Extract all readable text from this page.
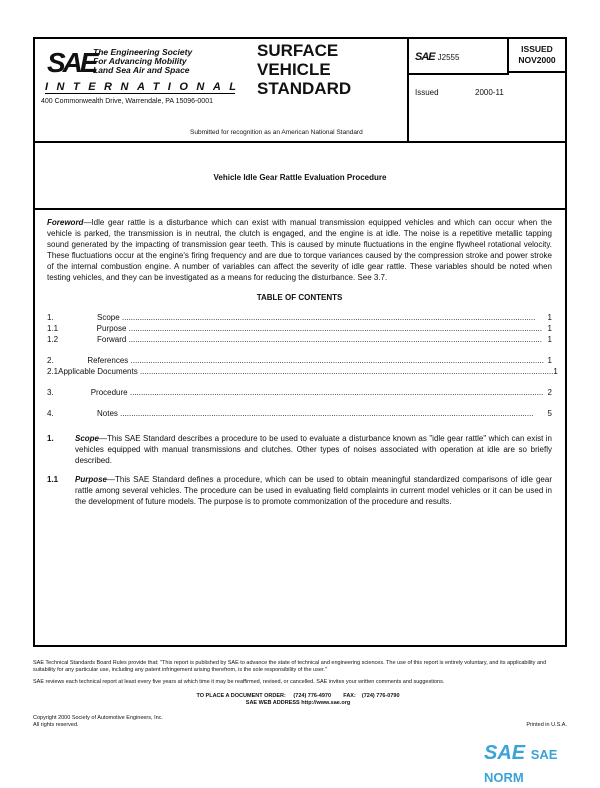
SAE
The Engineering Society
For Advancing Mobility
Land Sea Air and Space
INTERNATIONAL
400 Commonwealth Drive, Warrendale, PA 15096-0001
SURFACE
VEHICLE
STANDARD
Submitted for recognition as an American National Standard
SAE J2555
ISSUED
NOV2000
Issued	2000-11
Vehicle Idle Gear Rattle Evaluation Procedure

Foreword—Idle gear rattle is a disturbance which can exist with manual transmission equipped vehicles and which can occur when the vehicle is parked, the transmission is in neutral, the clutch is engaged, and the engine is at idle. The noise is a repetitive metallic tapping sound generated by the impacting of transmission gear teeth. This is caused by minute fluctuations in the engine flywheel rotational velocity. These fluctuations occur at the engine's firing frequency and are due to torque variances caused by the compression stroke and power stroke of the internal combustion engine. A number of variables can affect the severity of idle gear rattle. These variables should be noted when testing vehicles, and they can be investigated as a means for reducing the disturbance. See 3.7.

TABLE OF CONTENTS
1.	Scope .....	1
1.1	Purpose .....	1
1.2	Forward .....	1
2.	References .....	1
2.1 Applicable Documents .....	1
3.	Procedure .....	2
4.	Notes .....	5
1.	Scope—This SAE Standard describes a procedure to be used to evaluate a disturbance known as "idle gear rattle" which can exist in vehicles equipped with manual transmissions and clutches. Other types of noises associated with operation at idle are so briefly described.
1.1	Purpose—This SAE Standard defines a procedure, which can be used to obtain meaningful standardized comparisons of idle gear rattle among several vehicles. The procedure can be used in evaluating field complaints in current model vehicles or it can be used in the development of future models. The purpose is to promote commonization of the procedure and results.
SAE Technical Standards Board Rules provide that: "This report is published by SAE to advance the state of technical and engineering sciences. The use of this report is entirely voluntary, and its applicability and suitability for any particular use, including any patent infringement arising therefrom, is the sole responsibility of the user."
SAE reviews each technical report at least every five years at which time it may be reaffirmed, revised, or cancelled. SAE invites your written comments and suggestions.
TO PLACE A DOCUMENT ORDER:     (724) 776-4970        FAX:    (724) 776-0790
SAE WEB ADDRESS http://www.sae.org
Copyright 2000 Society of Automotive Engineers, Inc.
All rights reserved.	Printed in U.S.A.
SAE SAE NORM
